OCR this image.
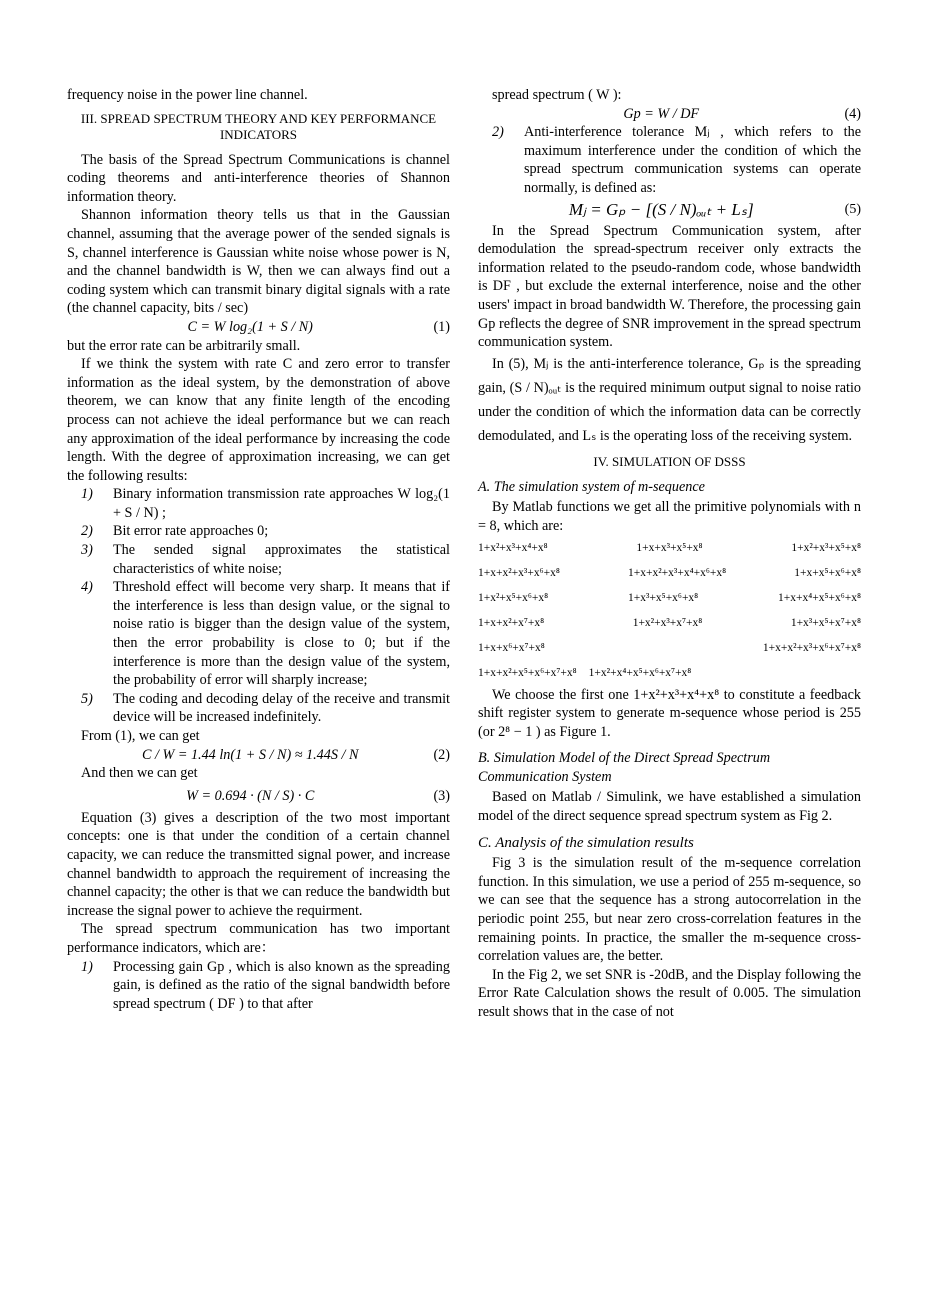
frequency noise in the power line channel.

III. SPREAD SPECTRUM THEORY AND KEY PERFORMANCE INDICATORS

The basis of the Spread Spectrum Communications is channel coding theorems and anti-interference theories of Shannon information theory.

Shannon information theory tells us that in the Gaussian channel, assuming that the average power of the sended signals is S, channel interference is Gaussian white noise whose power is N, and the channel bandwidth is W, then we can always find out a coding system which can transmit binary digital signals with a rate (the channel capacity, bits / sec)

C = W log₂(1 + S / N)	(1)

but the error rate can be arbitrarily small.

If we think the system with rate C and zero error to transfer information as the ideal system, by the demonstration of above theorem, we can know that any finite length of the encoding process can not achieve the ideal performance but we can reach any approximation of the ideal performance by increasing the code length. With the degree of approximation increasing, we can get the following results:

1)	Binary information transmission rate approaches W log₂(1 + S / N) ;
2)	Bit error rate approaches 0;
3)	The sended signal approximates the statistical characteristics of white noise;
4)	Threshold effect will become very sharp. It means that if the interference is less than design value, or the signal to noise ratio is bigger than the design value of the system, then the error probability is close to 0; but if the interference is more than the design value of the system, the probability of error will sharply increase;
5)	The coding and decoding delay of the receive and transmit device will be increased indefinitely.

From (1), we can get

C / W = 1.44 ln(1 + S / N) ≈ 1.44S / N	(2)

And then we can get

W = 0.694 · (N / S) · C	(3)

Equation (3) gives a description of the two most important concepts: one is that under the condition of a certain channel capacity, we can reduce the transmitted signal power, and increase channel bandwidth to approach the requirement of increasing the channel capacity; the other is that we can reduce the bandwidth but increase the signal power to achieve the requirment.

The spread spectrum communication has two important performance indicators, which are：

1)	Processing gain Gp , which is also known as the spreading gain, is defined as the ratio of the signal bandwidth before spread spectrum ( DF ) to that after

spread spectrum ( W ):

Gp = W / DF	(4)
2)	Anti-interference tolerance Mⱼ , which refers to the maximum interference under the condition of which the spread spectrum communication systems can operate normally, is defined as:
Mⱼ = Gₚ − [(S / N)ₒᵤₜ + Lₛ]	(5)

In the Spread Spectrum Communication system, after demodulation the spread-spectrum receiver only extracts the information related to the pseudo-random code, whose bandwidth is DF , but exclude the external interference, noise and the other users' impact in broad bandwidth W. Therefore, the processing gain Gp reflects the degree of SNR improvement in the spread spectrum communication system.

In (5), Mⱼ is the anti-interference tolerance, Gₚ is the spreading gain, (S / N)ₒᵤₜ is the required minimum output signal to noise ratio under the condition of which the information data can be correctly demodulated, and Lₛ is the operating loss of the receiving system.

IV. SIMULATION OF DSSS
A. The simulation system of m-sequence

By Matlab functions we get all the primitive polynomials with n = 8, which are:

1+x²+x³+x⁴+x⁸	1+x+x³+x⁵+x⁸	1+x²+x³+x⁵+x⁸
1+x+x²+x³+x⁶+x⁸	1+x+x²+x³+x⁴+x⁶+x⁸	1+x+x⁵+x⁶+x⁸
1+x²+x⁵+x⁶+x⁸	1+x³+x⁵+x⁶+x⁸	1+x+x⁴+x⁵+x⁶+x⁸
1+x+x²+x⁷+x⁸	1+x²+x³+x⁷+x⁸	1+x³+x⁵+x⁷+x⁸
1+x+x⁶+x⁷+x⁸	1+x+x²+x³+x⁶+x⁷+x⁸
1+x+x²+x⁵+x⁶+x⁷+x⁸ 1+x²+x⁴+x⁵+x⁶+x⁷+x⁸

We choose the first one 1+x²+x³+x⁴+x⁸ to constitute a feedback shift register system to generate m-sequence whose period is 255 (or 2⁸ − 1 ) as Figure 1.

B. Simulation Model of the Direct Spread Spectrum Communication System

Based on Matlab / Simulink, we have established a simulation model of the direct sequence spread spectrum system as Fig 2.

C. Analysis of the simulation results

Fig 3 is the simulation result of the m-sequence correlation function. In this simulation, we use a period of 255 m-sequence, so we can see that the sequence has a strong autocorrelation in the periodic point 255, but near zero cross-correlation features in the remaining points. In practice, the smaller the m-sequence cross-correlation values are, the better.

In the Fig 2, we set SNR is -20dB, and the Display following the Error Rate Calculation shows the result of 0.005. The simulation result shows that in the case of not
